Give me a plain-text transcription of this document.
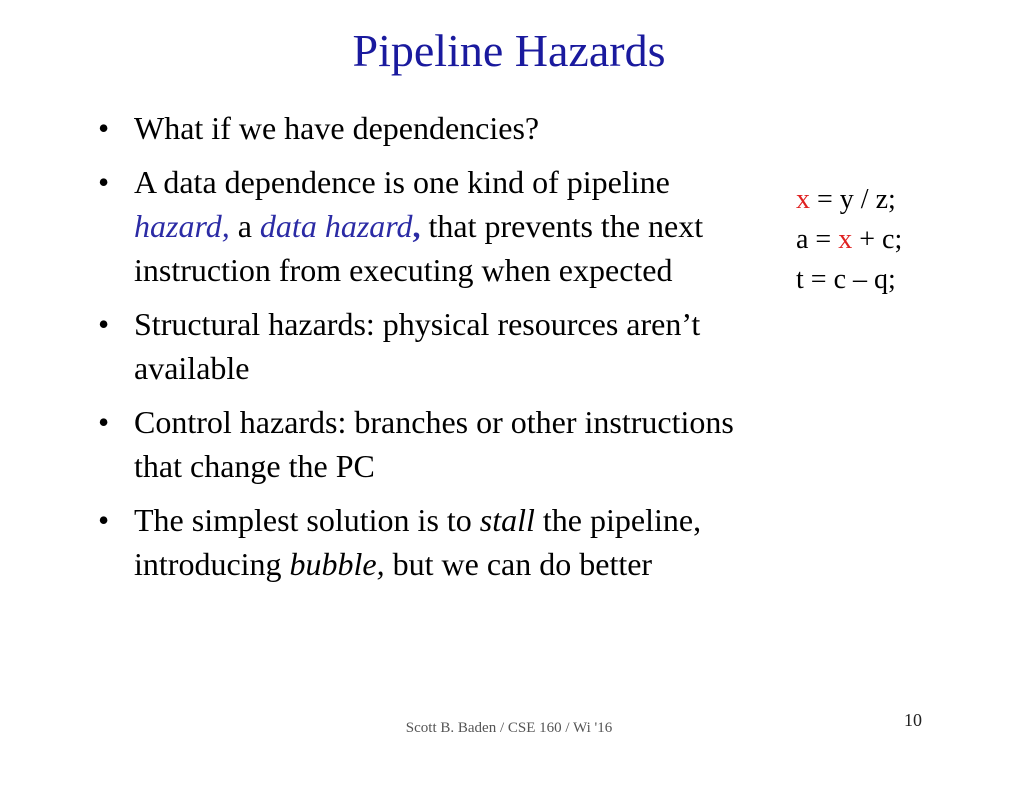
Pipeline Hazards
• What if we have dependencies?
• A data dependence is one kind of pipeline hazard, a data hazard, that prevents the next instruction from executing when expected
• Structural hazards: physical resources aren’t available
• Control hazards: branches or other instructions that change the PC
• The simplest solution is to stall the pipeline, introducing bubble, but we can do better
x = y / z;
a = x + c;
t = c – q;
Scott B. Baden / CSE 160 / Wi '16	10
